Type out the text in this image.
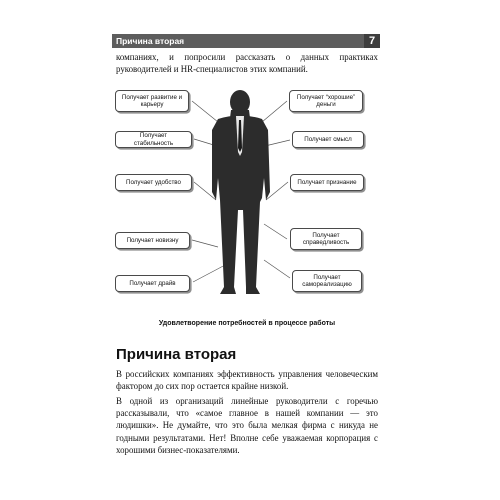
Причина вторая	7
компаниях, и попросили рассказать о данных практиках руководителей и HR-специалистов этих компаний.
Получает развитие и карьеру
Получает стабильность
Получает удобство
Получает новизну
Получает драйв
Получает “хорошие” деньги
Получает смысл
Получает признание
Получает справедливость
Получает самореализацию
Удовлетворение потребностей в процессе работы
Причина вторая
В российских компаниях эффективность управления человеческим фактором до сих пор остается крайне низкой.
В одной из организаций линейные руководители с горечью рассказывали, что «самое главное в нашей компании — это людишки». Не думайте, что это была мелкая фирма с никуда не годными результатами. Нет! Вполне себе уважаемая корпорация с хорошими бизнес-показателями.
